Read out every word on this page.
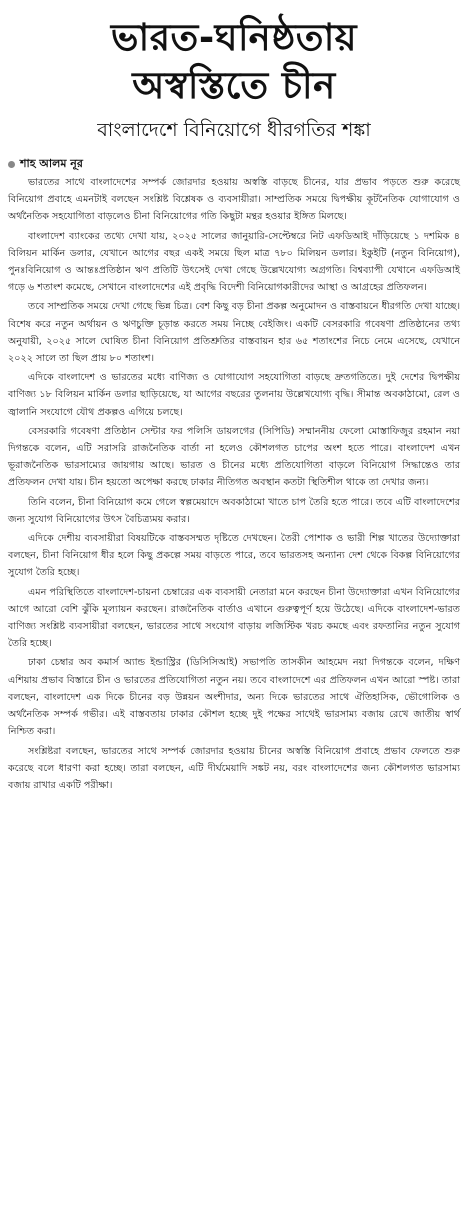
ভারত-ঘনিষ্ঠতায়
অস্বস্তিতে চীন
বাংলাদেশে বিনিয়োগে ধীরগতির শঙ্কা
শাহ আলম নূর

ভারতের সাথে বাংলাদেশের সম্পর্ক জোরদার হওয়ায় অস্বস্তি বাড়ছে চীনের, যার প্রভাব পড়তে শুরু করেছে বিনিয়োগ প্রবাহে এমনটাই বলছেন সংশ্লিষ্ট বিশ্লেষক ও ব্যবসায়ীরা। সাম্প্রতিক সময়ে দ্বিপক্ষীয় কূটনৈতিক যোগাযোগ ও অর্থনৈতিক সহযোগিতা বাড়লেও চীনা বিনিয়োগের গতি কিছুটা মন্থর হওয়ার ইঙ্গিত মিলছে।

বাংলাদেশ ব্যাংকের তথ্যে দেখা যায়, ২০২৫ সালের জানুয়ারি-সেপ্টেম্বরে নিট এফডিআই দাঁড়িয়েছে ১ দশমিক ৪ বিলিয়ন মার্কিন ডলার, যেখানে আগের বছর একই সময়ে ছিল মাত্র ৭৮০ মিলিয়ন ডলার। ইকুইটি (নতুন বিনিয়োগ), পুনঃবিনিয়োগ ও আন্তঃপ্রতিষ্ঠান ঋণ প্রতিটি উৎসেই দেখা গেছে উল্লেখযোগ্য অগ্রগতি। বিশ্বব্যাপী যেখানে এফডিআই গড়ে ৬ শতাংশ কমেছে, সেখানে বাংলাদেশের এই প্রবৃদ্ধি বিদেশী বিনিয়োগকারীদের আস্থা ও আগ্রহের প্রতিফলন।

তবে সাম্প্রতিক সময়ে দেখা গেছে ভিন্ন চিত্র। বেশ কিছু বড় চীনা প্রকল্প অনুমোদন ও বাস্তবায়নে ধীরগতি দেখা যাচ্ছে। বিশেষ করে নতুন অর্থায়ন ও ঋণচুক্তি চূড়ান্ত করতে সময় নিচ্ছে বেইজিং। একটি বেসরকারি গবেষণা প্রতিষ্ঠানের তথ্য অনুযায়ী, ২০২৫ সালে ঘোষিত চীনা বিনিয়োগ প্রতিশ্রুতির বাস্তবায়ন হার ৬৫ শতাংশের নিচে নেমে এসেছে, যেখানে ২০২২ সালে তা ছিল প্রায় ৮০ শতাংশ।

এদিকে বাংলাদেশ ও ভারতের মধ্যে বাণিজ্য ও যোগাযোগ সহযোগিতা বাড়ছে দ্রুতগতিতে। দুই দেশের দ্বিপক্ষীয় বাণিজ্য ১৮ বিলিয়ন মার্কিন ডলার ছাড়িয়েছে, যা আগের বছরের তুলনায় উল্লেখযোগ্য বৃদ্ধি। সীমান্ত অবকাঠামো, রেল ও জ্বালানি সংযোগে যৌথ প্রকল্পও এগিয়ে চলছে।

বেসরকারি গবেষণা প্রতিষ্ঠান সেন্টার ফর পলিসি ডায়লগের (সিপিডি) সম্মাননীয় ফেলো মোস্তাফিজুর রহমান নয়া দিগন্তকে বলেন, এটি সরাসরি রাজনৈতিক বার্তা না হলেও কৌশলগত চাপের অংশ হতে পারে। বাংলাদেশ এখন ভূরাজনৈতিক ভারসাম্যের জায়গায় আছে। ভারত ও চীনের মধ্যে প্রতিযোগিতা বাড়লে বিনিয়োগ সিদ্ধান্তেও তার প্রতিফলন দেখা যায়। চীন হয়তো অপেক্ষা করছে ঢাকার নীতিগত অবস্থান কতটা স্থিতিশীল থাকে তা দেখার জন্য।

তিনি বলেন, চীনা বিনিয়োগ কমে গেলে স্বল্পমেয়াদে অবকাঠামো খাতে চাপ তৈরি হতে পারে। তবে এটি বাংলাদেশের জন্য সুযোগ বিনিয়োগের উৎস বৈচিত্র্যময় করার।

এদিকে দেশীয় ব্যবসায়ীরা বিষয়টিকে বাস্তবসম্মত দৃষ্টিতে দেখছেন। তৈরী পোশাক ও ভারী শিল্প খাতের উদ্যোক্তারা বলছেন, চীনা বিনিয়োগ ধীর হলে কিছু প্রকল্পে সময় বাড়তে পারে, তবে ভারতসহ অন্যান্য দেশ থেকে বিকল্প বিনিয়োগের সুযোগ তৈরি হচ্ছে।

এমন পরিস্থিতিতে বাংলাদেশ-চায়না চেম্বারের এক ব্যবসায়ী নেতারা মনে করছেন চীনা উদ্যোক্তারা এখন বিনিয়োগের আগে আরো বেশি ঝুঁকি মূল্যায়ন করছেন। রাজনৈতিক বার্তাও এখানে গুরুত্বপূর্ণ হয়ে উঠেছে। এদিকে বাংলাদেশ-ভারত বাণিজ্য সংশ্লিষ্ট ব্যবসায়ীরা বলছেন, ভারতের সাথে সংযোগ বাড়ায় লজিস্টিক খরচ কমছে এবং রফতানির নতুন সুযোগ তৈরি হচ্ছে।

ঢাকা চেম্বার অব কমার্স অ্যান্ড ইন্ডাস্ট্রির (ডিসিসিআই) সভাপতি তাসকীন আহমেদ নয়া দিগন্তকে বলেন, দক্ষিণ এশিয়ায় প্রভাব বিস্তারে চীন ও ভারতের প্রতিযোগিতা নতুন নয়। তবে বাংলাদেশে এর প্রতিফলন এখন আরো স্পষ্ট। তারা বলছেন, বাংলাদেশ এক দিকে চীনের বড় উন্নয়ন অংশীদার, অন্য দিকে ভারতের সাথে ঐতিহাসিক, ভৌগোলিক ও অর্থনৈতিক সম্পর্ক গভীর। এই বাস্তবতায় ঢাকার কৌশল হচ্ছে দুই পক্ষের সাথেই ভারসাম্য বজায় রেখে জাতীয় স্বার্থ নিশ্চিত করা।

সংশ্লিষ্টরা বলছেন, ভারতের সাথে সম্পর্ক জোরদার হওয়ায় চীনের অস্বস্তি বিনিয়োগ প্রবাহে প্রভাব ফেলতে শুরু করেছে বলে ধারণা করা হচ্ছে। তারা বলছেন, এটি দীর্ঘমেয়াদি সঙ্কট নয়, বরং বাংলাদেশের জন্য কৌশলগত ভারসাম্য বজায় রাখার একটি পরীক্ষা।
